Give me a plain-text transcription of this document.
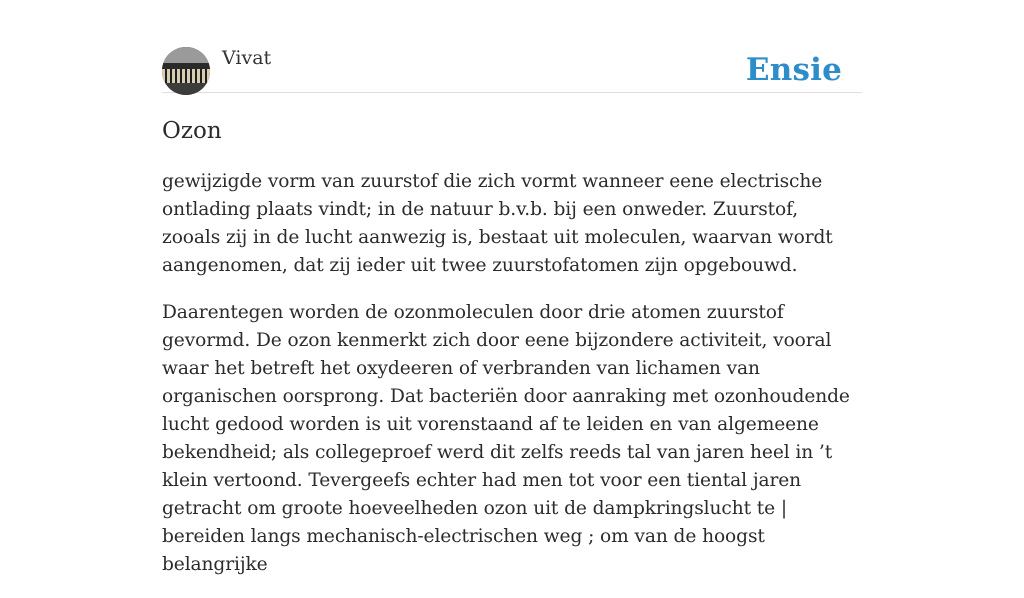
Vivat	Ensie
Ozon

gewijzigde vorm van zuurstof die zich vormt wanneer eene electrische ontlading plaats vindt; in de natuur b.v.b. bij een onweder. Zuurstof, zooals zij in de lucht aanwezig is, bestaat uit moleculen, waarvan wordt aangenomen, dat zij ieder uit twee zuurstofatomen zijn opgebouwd.

Daarentegen worden de ozonmoleculen door drie atomen zuurstof gevormd. De ozon kenmerkt zich door eene bijzondere activiteit, vooral waar het betreft het oxydeeren of verbranden van lichamen van organischen oorsprong. Dat bacteriën door aanraking met ozonhoudende lucht gedood worden is uit vorenstaand af te leiden en van algemeene bekendheid; als collegeproef werd dit zelfs reeds tal van jaren heel in ’t klein vertoond. Tevergeefs echter had men tot voor een tiental jaren getracht om groote hoeveelheden ozon uit de dampkringslucht te | bereiden langs mechanisch-electrischen weg ; om van de hoogst belangrijke
